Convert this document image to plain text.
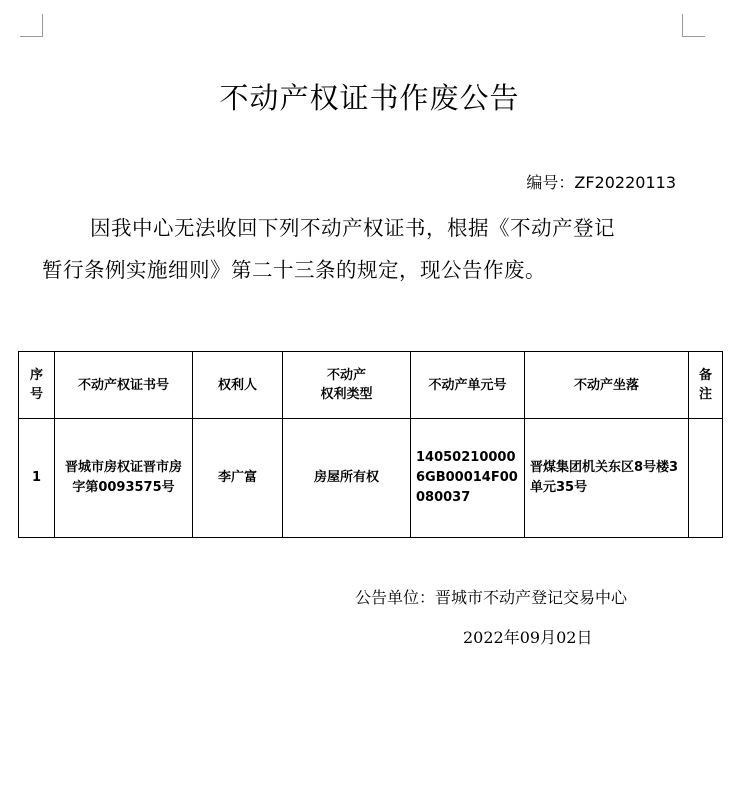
不动产权证书作废公告
编号：ZF20220113
因我中心无法收回下列不动产权证书，根据《不动产登记
暂行条例实施细则》第二十三条的规定，现公告作废。
序号	不动产权证书号	权利人	不动产
权利类型	不动产单元号	不动产坐落	备注
1	晋城市房权证晋市房字第0093575号	李广富	房屋所有权	140502100006GB00014F00080037	晋煤集团机关东区8号楼3单元35号	
公告单位：晋城市不动产登记交易中心
2022年09月02日
